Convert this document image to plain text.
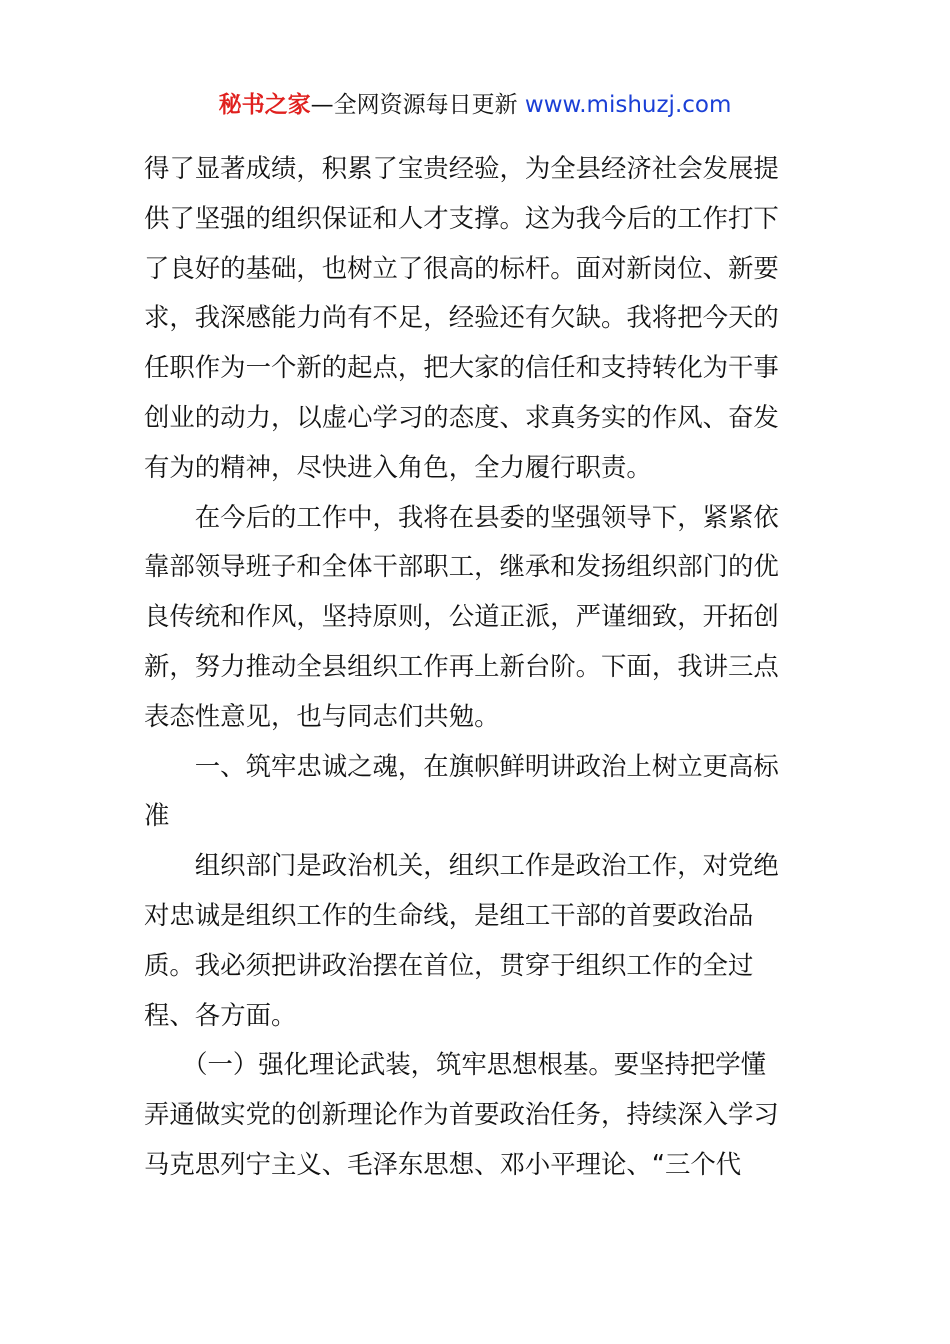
秘书之家—全网资源每日更新 www.mishuzj.com
得了显著成绩，积累了宝贵经验，为全县经济社会发展提
供了坚强的组织保证和人才支撑。这为我今后的工作打下
了良好的基础，也树立了很高的标杆。面对新岗位、新要
求，我深感能力尚有不足，经验还有欠缺。我将把今天的
任职作为一个新的起点，把大家的信任和支持转化为干事
创业的动力，以虚心学习的态度、求真务实的作风、奋发
有为的精神，尽快进入角色，全力履行职责。
　　在今后的工作中，我将在县委的坚强领导下，紧紧依
靠部领导班子和全体干部职工，继承和发扬组织部门的优
良传统和作风，坚持原则，公道正派，严谨细致，开拓创
新，努力推动全县组织工作再上新台阶。下面，我讲三点
表态性意见，也与同志们共勉。
　　一、筑牢忠诚之魂，在旗帜鲜明讲政治上树立更高标
准
　　组织部门是政治机关，组织工作是政治工作，对党绝
对忠诚是组织工作的生命线，是组工干部的首要政治品
质。我必须把讲政治摆在首位，贯穿于组织工作的全过
程、各方面。
　　（一）强化理论武装，筑牢思想根基。要坚持把学懂
弄通做实党的创新理论作为首要政治任务，持续深入学习
马克思列宁主义、毛泽东思想、邓小平理论、“三个代
